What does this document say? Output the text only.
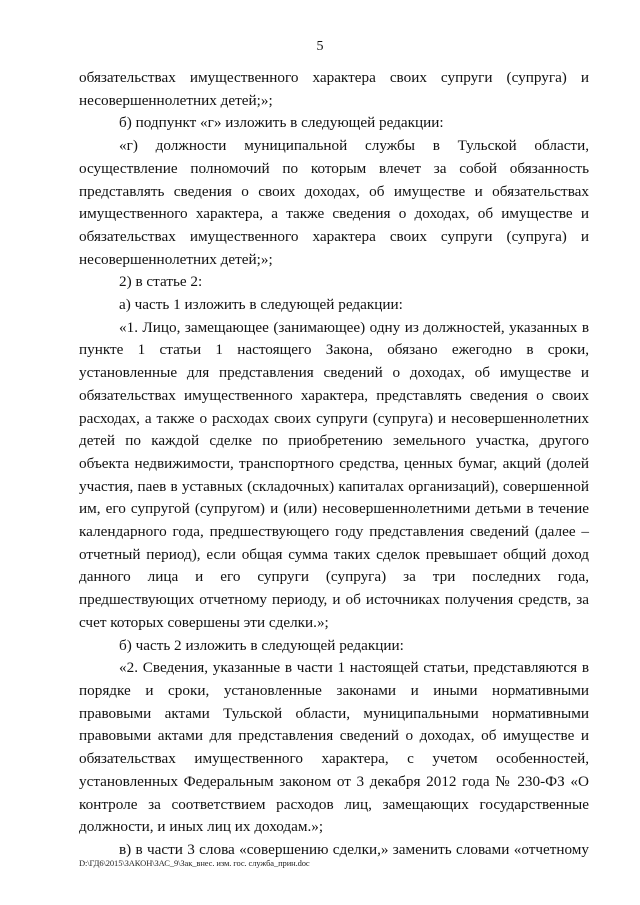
5

обязательствах имущественного характера своих супруги (супруга) и несовершеннолетних детей;»;

б) подпункт «г» изложить в следующей редакции:

«г) должности муниципальной службы в Тульской области, осуществление полномочий по которым влечет за собой обязанность представлять сведения о своих доходах, об имуществе и обязательствах имущественного характера, а также сведения о доходах, об имуществе и обязательствах имущественного характера своих супруги (супруга) и несовершеннолетних детей;»;

2) в статье 2:

а) часть 1 изложить в следующей редакции:

«1. Лицо, замещающее (занимающее) одну из должностей, указанных в пункте 1 статьи 1 настоящего Закона, обязано ежегодно в сроки, установленные для представления сведений о доходах, об имуществе и обязательствах имущественного характера, представлять сведения о своих расходах, а также о расходах своих супруги (супруга) и несовершеннолетних детей по каждой сделке по приобретению земельного участка, другого объекта недвижимости, транспортного средства, ценных бумаг, акций (долей участия, паев в уставных (складочных) капиталах организаций), совершенной им, его супругой (супругом) и (или) несовершеннолетними детьми в течение календарного года, предшествующего году представления сведений (далее – отчетный период), если общая сумма таких сделок превышает общий доход данного лица и его супруги (супруга) за три последних года, предшествующих отчетному периоду, и об источниках получения средств, за счет которых совершены эти сделки.»;

б) часть 2 изложить в следующей редакции:

«2. Сведения, указанные в части 1 настоящей статьи, представляются в порядке и сроки, установленные законами и иными нормативными правовыми актами Тульской области, муниципальными нормативными правовыми актами для представления сведений о доходах, об имуществе и обязательствах имущественного характера, с учетом особенностей, установленных Федеральным законом от 3 декабря 2012 года № 230-ФЗ «О контроле за соответствием расходов лиц, замещающих государственные должности, и иных лиц их доходам.»;

в) в части 3 слова «совершению сделки,» заменить словами «отчетному

D:\ГД6\2015\ЗАКОН\ЗАС_9\Зак_внес. изм. гос. служба_прин.doc
